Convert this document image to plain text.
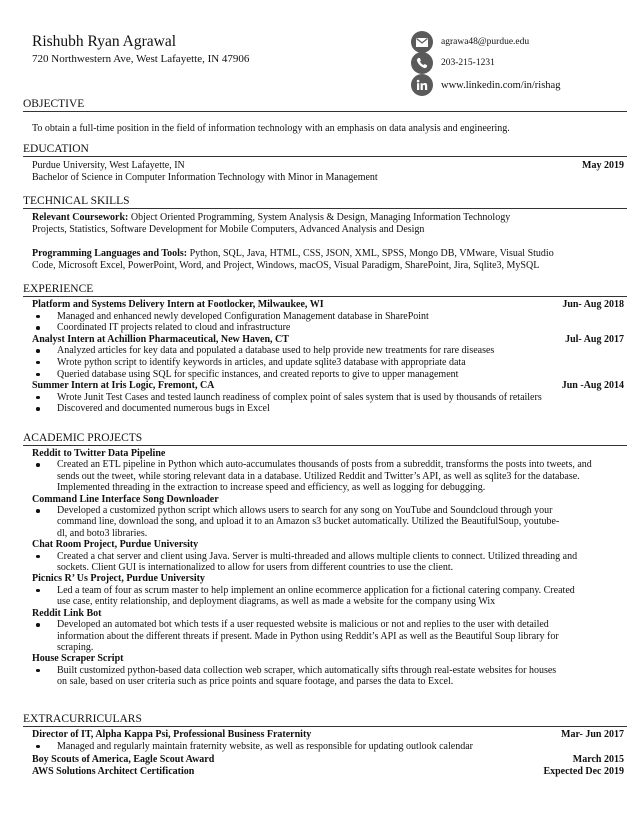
Rishubh Ryan Agrawal
720 Northwestern Ave, West Lafayette, IN 47906
agrawa48@purdue.edu
203-215-1231
www.linkedin.com/in/rishag
OBJECTIVE
To obtain a full-time position in the field of information technology with an emphasis on data analysis and engineering.
EDUCATION
Purdue University, West Lafayette, IN	May 2019
Bachelor of Science in Computer Information Technology with Minor in Management
TECHNICAL SKILLS
Relevant Coursework: Object Oriented Programming, System Analysis & Design, Managing Information Technology
Projects, Statistics, Software Development for Mobile Computers, Advanced Analysis and Design
Programming Languages and Tools: Python, SQL, Java, HTML, CSS, JSON, XML, SPSS, Mongo DB, VMware, Visual Studio
Code, Microsoft Excel, PowerPoint, Word, and Project, Windows, macOS, Visual Paradigm, SharePoint, Jira, Sqlite3, MySQL
EXPERIENCE
Platform and Systems Delivery Intern at Footlocker, Milwaukee, WI	Jun- Aug 2018
Managed and enhanced newly developed Configuration Management database in SharePoint
Coordinated IT projects related to cloud and infrastructure
Analyst Intern at Achillion Pharmaceutical, New Haven, CT	Jul- Aug 2017
Analyzed articles for key data and populated a database used to help provide new treatments for rare diseases
Wrote python script to identify keywords in articles, and update sqlite3 database with appropriate data
Queried database using SQL for specific instances, and created reports to give to upper management
Summer Intern at Iris Logic, Fremont, CA	Jun -Aug 2014
Wrote Junit Test Cases and tested launch readiness of complex point of sales system that is used by thousands of retailers
Discovered and documented numerous bugs in Excel
ACADEMIC PROJECTS
Reddit to Twitter Data Pipeline
Created an ETL pipeline in Python which auto-accumulates thousands of posts from a subreddit, transforms the posts into tweets, and
sends out the tweet, while storing relevant data in a database. Utilized Reddit and Twitter’s API, as well as sqlite3 for the database.
Implemented threading in the extraction to increase speed and efficiency, as well as logging for debugging.
Command Line Interface Song Downloader
Developed a customized python script which allows users to search for any song on YouTube and Soundcloud through your
command line, download the song, and upload it to an Amazon s3 bucket automatically. Utilized the BeautifulSoup, youtube-
dl, and boto3 libraries.
Chat Room Project, Purdue University
Created a chat server and client using Java. Server is multi-threaded and allows multiple clients to connect. Utilized threading and
sockets. Client GUI is internationalized to allow for users from different countries to use the client.
Picnics R’ Us Project, Purdue University
Led a team of four as scrum master to help implement an online ecommerce application for a fictional catering company. Created
use case, entity relationship, and deployment diagrams, as well as made a website for the company using Wix
Reddit Link Bot
Developed an automated bot which tests if a user requested website is malicious or not and replies to the user with detailed
information about the different threats if present. Made in Python using Reddit’s API as well as the Beautiful Soup library for
scraping.
House Scraper Script
Built customized python-based data collection web scraper, which automatically sifts through real-estate websites for houses
on sale, based on user criteria such as price points and square footage, and parses the data to Excel.
EXTRACURRICULARS
Director of IT, Alpha Kappa Psi, Professional Business Fraternity	Mar- Jun 2017
Managed and regularly maintain fraternity website, as well as responsible for updating outlook calendar
Boy Scouts of America, Eagle Scout Award	March 2015
AWS Solutions Architect Certification	Expected Dec 2019
